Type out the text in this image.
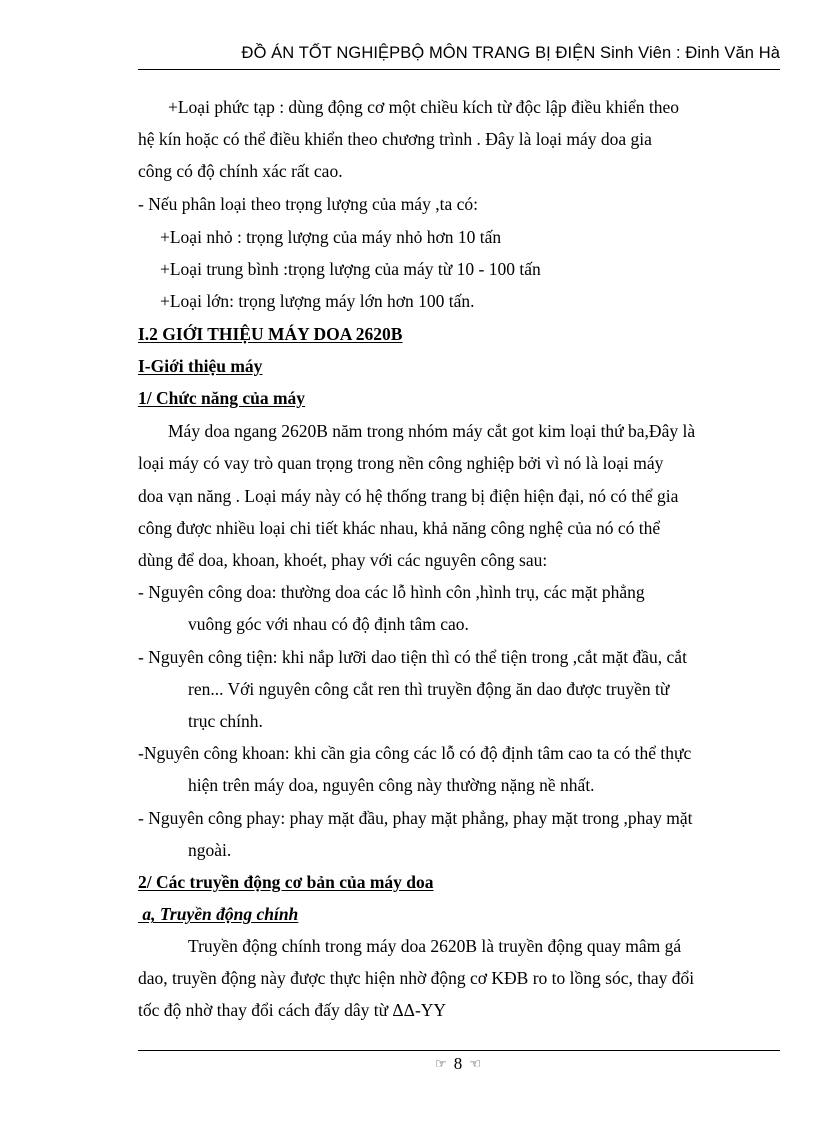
ĐỒ ÁN TỐT NGHIỆPBỘ MÔN TRANG BỊ ĐIỆN Sinh Viên : Đinh Văn Hà
+Loại phức tạp : dùng động cơ một chiều kích từ độc lập điều khiển theo
hệ kín hoặc có thể điều khiển theo chương trình . Đây là loại máy doa gia
công có độ chính xác rất cao.
- Nếu phân loại theo trọng lượng của máy ,ta có:
+Loại nhỏ : trọng lượng của máy nhỏ hơn 10 tấn
+Loại trung bình :trọng lượng của máy từ 10 - 100 tấn
+Loại lớn: trọng lượng máy lớn hơn 100 tấn.
I.2 GIỚI THIỆU MÁY DOA 2620B
I-Giới thiệu máy
1/ Chức năng của máy
Máy doa ngang 2620B năm trong nhóm máy cắt got kim loại thứ ba,Đây là
loại máy có vay trò quan trọng trong nền công nghiệp bởi vì nó là loại máy
doa vạn năng . Loại máy này có hệ thống trang bị điện hiện đại, nó có thể gia
công được nhiều loại chi tiết khác nhau, khả năng công nghệ của nó có thể
dùng để doa, khoan, khoét, phay với các nguyên công sau:
- Nguyên công doa: thường doa các lỗ hình côn ,hình trụ, các mặt phẳng
vuông góc với nhau có độ định tâm cao.
- Nguyên công tiện: khi nắp lưỡi dao tiện thì có thể tiện trong ,cắt mặt đầu, cắt
ren... Với nguyên công cắt ren thì truyền động ăn dao được truyền từ
trục chính.
-Nguyên công khoan: khi cần gia công các lỗ có độ định tâm cao ta có thể thực
hiện trên máy doa, nguyên công này thường nặng nề nhất.
- Nguyên công phay: phay mặt đầu, phay mặt phẳng, phay mặt trong ,phay mặt
ngoài.
2/ Các truyền động cơ bản của máy doa
a, Truyền động chính
Truyền động chính trong máy doa 2620B là truyền động quay mâm gá
dao, truyền động này được thực hiện nhờ động cơ KĐB ro to lồng sóc, thay đổi
tốc độ nhờ thay đổi cách đấy dây từ ΔΔ-YY
☞ 8 ☜
